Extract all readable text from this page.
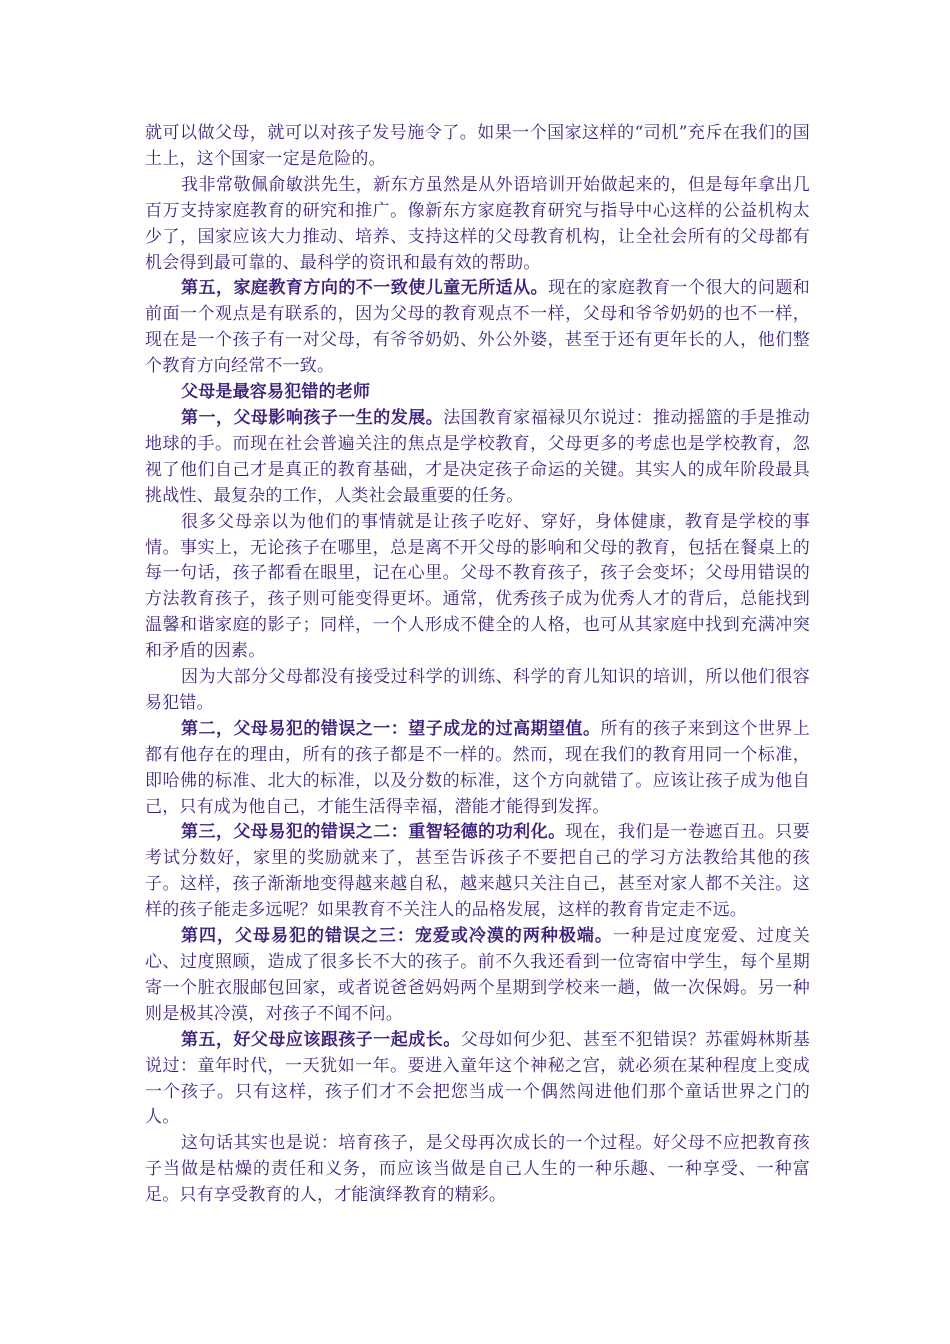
就可以做父母，就可以对孩子发号施令了。如果一个国家这样的“司机”充斥在我们的国土上，这个国家一定是危险的。

我非常敬佩俞敏洪先生，新东方虽然是从外语培训开始做起来的，但是每年拿出几百万支持家庭教育的研究和推广。像新东方家庭教育研究与指导中心这样的公益机构太少了，国家应该大力推动、培养、支持这样的父母教育机构，让全社会所有的父母都有机会得到最可靠的、最科学的资讯和最有效的帮助。

第五，家庭教育方向的不一致使儿童无所适从。现在的家庭教育一个很大的问题和前面一个观点是有联系的，因为父母的教育观点不一样，父母和爷爷奶奶的也不一样，现在是一个孩子有一对父母，有爷爷奶奶、外公外婆，甚至于还有更年长的人，他们整个教育方向经常不一致。

父母是最容易犯错的老师

第一，父母影响孩子一生的发展。法国教育家福禄贝尔说过：推动摇篮的手是推动地球的手。而现在社会普遍关注的焦点是学校教育，父母更多的考虑也是学校教育，忽视了他们自己才是真正的教育基础，才是决定孩子命运的关键。其实人的成年阶段最具挑战性、最复杂的工作，人类社会最重要的任务。

很多父母亲以为他们的事情就是让孩子吃好、穿好，身体健康，教育是学校的事情。事实上，无论孩子在哪里，总是离不开父母的影响和父母的教育，包括在餐桌上的每一句话，孩子都看在眼里，记在心里。父母不教育孩子，孩子会变坏；父母用错误的方法教育孩子，孩子则可能变得更坏。通常，优秀孩子成为优秀人才的背后，总能找到温馨和谐家庭的影子；同样，一个人形成不健全的人格，也可从其家庭中找到充满冲突和矛盾的因素。

因为大部分父母都没有接受过科学的训练、科学的育儿知识的培训，所以他们很容易犯错。

第二，父母易犯的错误之一：望子成龙的过高期望值。所有的孩子来到这个世界上都有他存在的理由，所有的孩子都是不一样的。然而，现在我们的教育用同一个标准，即哈佛的标准、北大的标准，以及分数的标准，这个方向就错了。应该让孩子成为他自己，只有成为他自己，才能生活得幸福，潜能才能得到发挥。

第三，父母易犯的错误之二：重智轻德的功利化。现在，我们是一卷遮百丑。只要考试分数好，家里的奖励就来了，甚至告诉孩子不要把自己的学习方法教给其他的孩子。这样，孩子渐渐地变得越来越自私，越来越只关注自己，甚至对家人都不关注。这样的孩子能走多远呢？如果教育不关注人的品格发展，这样的教育肯定走不远。

第四，父母易犯的错误之三：宠爱或冷漠的两种极端。一种是过度宠爱、过度关心、过度照顾，造成了很多长不大的孩子。前不久我还看到一位寄宿中学生，每个星期寄一个脏衣服邮包回家，或者说爸爸妈妈两个星期到学校来一趟，做一次保姆。另一种则是极其冷漠，对孩子不闻不问。

第五，好父母应该跟孩子一起成长。父母如何少犯、甚至不犯错误？苏霍姆林斯基说过：童年时代，一天犹如一年。要进入童年这个神秘之宫，就必须在某种程度上变成一个孩子。只有这样，孩子们才不会把您当成一个偶然闯进他们那个童话世界之门的人。

这句话其实也是说：培育孩子，是父母再次成长的一个过程。好父母不应把教育孩子当做是枯燥的责任和义务，而应该当做是自己人生的一种乐趣、一种享受、一种富足。只有享受教育的人，才能演绎教育的精彩。
